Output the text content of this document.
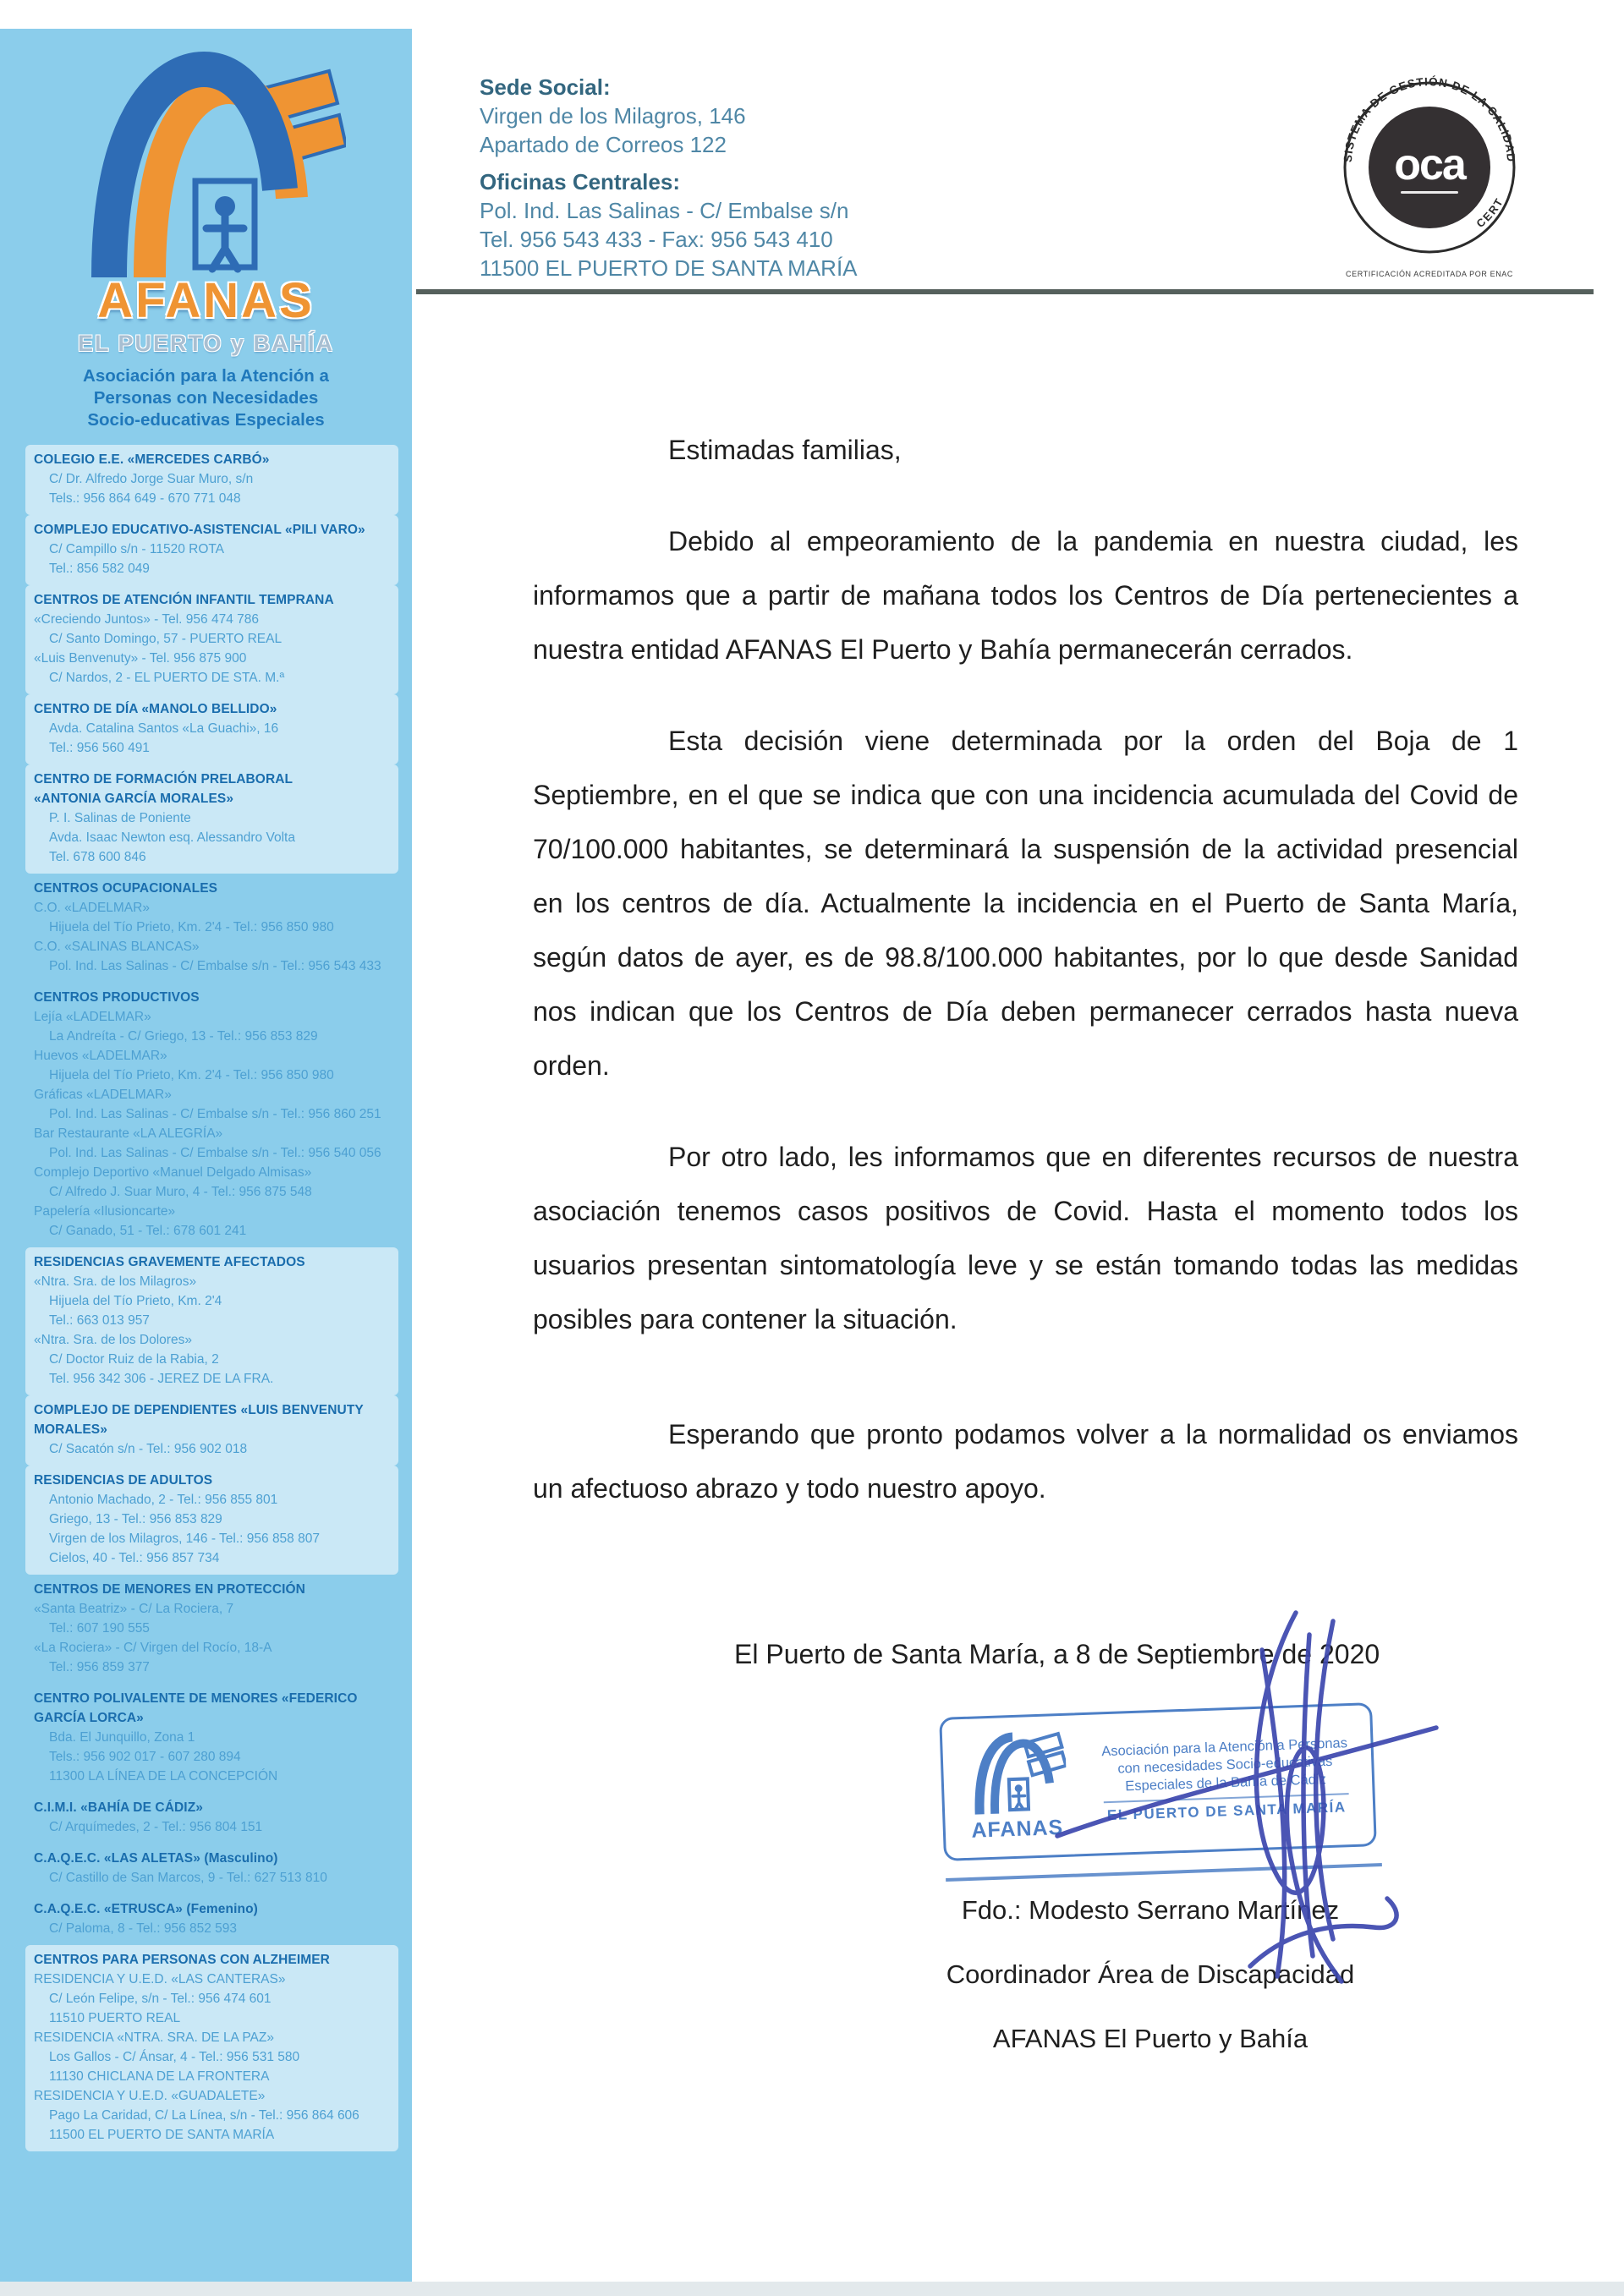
AFANAS
EL PUERTO y BAHÍA
Asociación para la Atención a
Personas con Necesidades
Socio-educativas Especiales
COLEGIO E.E. «MERCEDES CARBÓ»
C/ Dr. Alfredo Jorge Suar Muro, s/n
Tels.: 956 864 649 - 670 771 048
COMPLEJO EDUCATIVO-ASISTENCIAL «PILI VARO»
C/ Campillo s/n - 11520 ROTA
Tel.: 856 582 049
CENTROS DE ATENCIÓN INFANTIL TEMPRANA
«Creciendo Juntos» - Tel. 956 474 786
C/ Santo Domingo, 57 - PUERTO REAL
«Luis Benvenuty» - Tel. 956 875 900
C/ Nardos, 2 - EL PUERTO DE STA. M.ª
CENTRO DE DÍA «MANOLO BELLIDO»
Avda. Catalina Santos «La Guachi», 16
Tel.: 956 560 491
CENTRO DE FORMACIÓN PRELABORAL
«ANTONIA GARCÍA MORALES»
P. I. Salinas de Poniente
Avda. Isaac Newton esq. Alessandro Volta
Tel. 678 600 846
CENTROS OCUPACIONALES
C.O. «LADELMAR»
Hijuela del Tío Prieto, Km. 2'4 - Tel.: 956 850 980
C.O. «SALINAS BLANCAS»
Pol. Ind. Las Salinas - C/ Embalse s/n - Tel.: 956 543 433
CENTROS PRODUCTIVOS
Lejía «LADELMAR»
La Andreíta - C/ Griego, 13 - Tel.: 956 853 829
Huevos «LADELMAR»
Hijuela del Tío Prieto, Km. 2'4 - Tel.: 956 850 980
Gráficas «LADELMAR»
Pol. Ind. Las Salinas - C/ Embalse s/n - Tel.: 956 860 251
Bar Restaurante «LA ALEGRÍA»
Pol. Ind. Las Salinas - C/ Embalse s/n - Tel.: 956 540 056
Complejo Deportivo «Manuel Delgado Almisas»
C/ Alfredo J. Suar Muro, 4 - Tel.: 956 875 548
Papelería «Ilusioncarte»
C/ Ganado, 51 - Tel.: 678 601 241
RESIDENCIAS GRAVEMENTE AFECTADOS
«Ntra. Sra. de los Milagros»
Hijuela del Tío Prieto, Km. 2'4
Tel.: 663 013 957
«Ntra. Sra. de los Dolores»
C/ Doctor Ruiz de la Rabia, 2
Tel. 956 342 306 - JEREZ DE LA FRA.
COMPLEJO DE DEPENDIENTES «LUIS BENVENUTY MORALES»
C/ Sacatón s/n - Tel.: 956 902 018
RESIDENCIAS DE ADULTOS
Antonio Machado, 2 - Tel.: 956 855 801
Griego, 13 - Tel.: 956 853 829
Virgen de los Milagros, 146 - Tel.: 956 858 807
Cielos, 40 - Tel.: 956 857 734
CENTROS DE MENORES EN PROTECCIÓN
«Santa Beatriz» - C/ La Rociera, 7
Tel.: 607 190 555
«La Rociera» - C/ Virgen del Rocío, 18-A
Tel.: 956 859 377
CENTRO POLIVALENTE DE MENORES «FEDERICO GARCÍA LORCA»
Bda. El Junquillo, Zona 1
Tels.: 956 902 017 - 607 280 894
11300 LA LÍNEA DE LA CONCEPCIÓN
C.I.M.I. «BAHÍA DE CÁDIZ»
C/ Arquímedes, 2 - Tel.: 956 804 151
C.A.Q.E.C. «LAS ALETAS» (Masculino)
C/ Castillo de San Marcos, 9 - Tel.: 627 513 810
C.A.Q.E.C. «ETRUSCA» (Femenino)
C/ Paloma, 8 - Tel.: 956 852 593
CENTROS PARA PERSONAS CON ALZHEIMER
RESIDENCIA Y U.E.D. «LAS CANTERAS»
C/ León Felipe, s/n - Tel.: 956 474 601
11510 PUERTO REAL
RESIDENCIA «NTRA. SRA. DE LA PAZ»
Los Gallos - C/ Ánsar, 4 - Tel.: 956 531 580
11130 CHICLANA DE LA FRONTERA
RESIDENCIA Y U.E.D. «GUADALETE»
Pago La Caridad, C/ La Línea, s/n - Tel.: 956 864 606
11500 EL PUERTO DE SANTA MARÍA
Sede Social:
Virgen de los Milagros, 146
Apartado de Correos 122
Oficinas Centrales:
Pol. Ind. Las Salinas - C/ Embalse s/n
Tel. 956 543 433 - Fax: 956 543 410
11500 EL PUERTO DE SANTA MARÍA
SISTEMA DE GESTIÓN DE LA CALIDAD
oca
CERT
CERTIFICACIÓN ACREDITADA POR ENAC

Estimadas familias,

Debido al empeoramiento de la pandemia en nuestra ciudad, les informamos que a partir de mañana todos los Centros de Día pertenecientes a nuestra entidad AFANAS El Puerto y Bahía permanecerán cerrados.

Esta decisión viene determinada por la orden del Boja de 1 Septiembre, en el que se indica que con una incidencia acumulada del Covid de 70/100.000 habitantes, se determinará la suspensión de la actividad presencial en los centros de día. Actualmente la incidencia en el Puerto de Santa María, según datos de ayer, es de 98.8/100.000 habitantes, por lo que desde Sanidad nos indican que los Centros de Día deben permanecer cerrados hasta nueva orden.

Por otro lado, les informamos que en diferentes recursos de nuestra asociación tenemos casos positivos de Covid. Hasta el momento todos los usuarios presentan sintomatología leve y se están tomando todas las medidas posibles para contener la situación.

Esperando que pronto podamos volver a la normalidad os enviamos un afectuoso abrazo y todo nuestro apoyo.

El Puerto de Santa María, a 8 de Septiembre de 2020
AFANAS
Asociación para la Atención a Personas
con necesidades Socio-educativas
Especiales de la Bahía de Cádiz
EL PUERTO DE SANTA MARÍA
Fdo.: Modesto Serrano Martínez
Coordinador Área de Discapacidad
AFANAS El Puerto y Bahía
